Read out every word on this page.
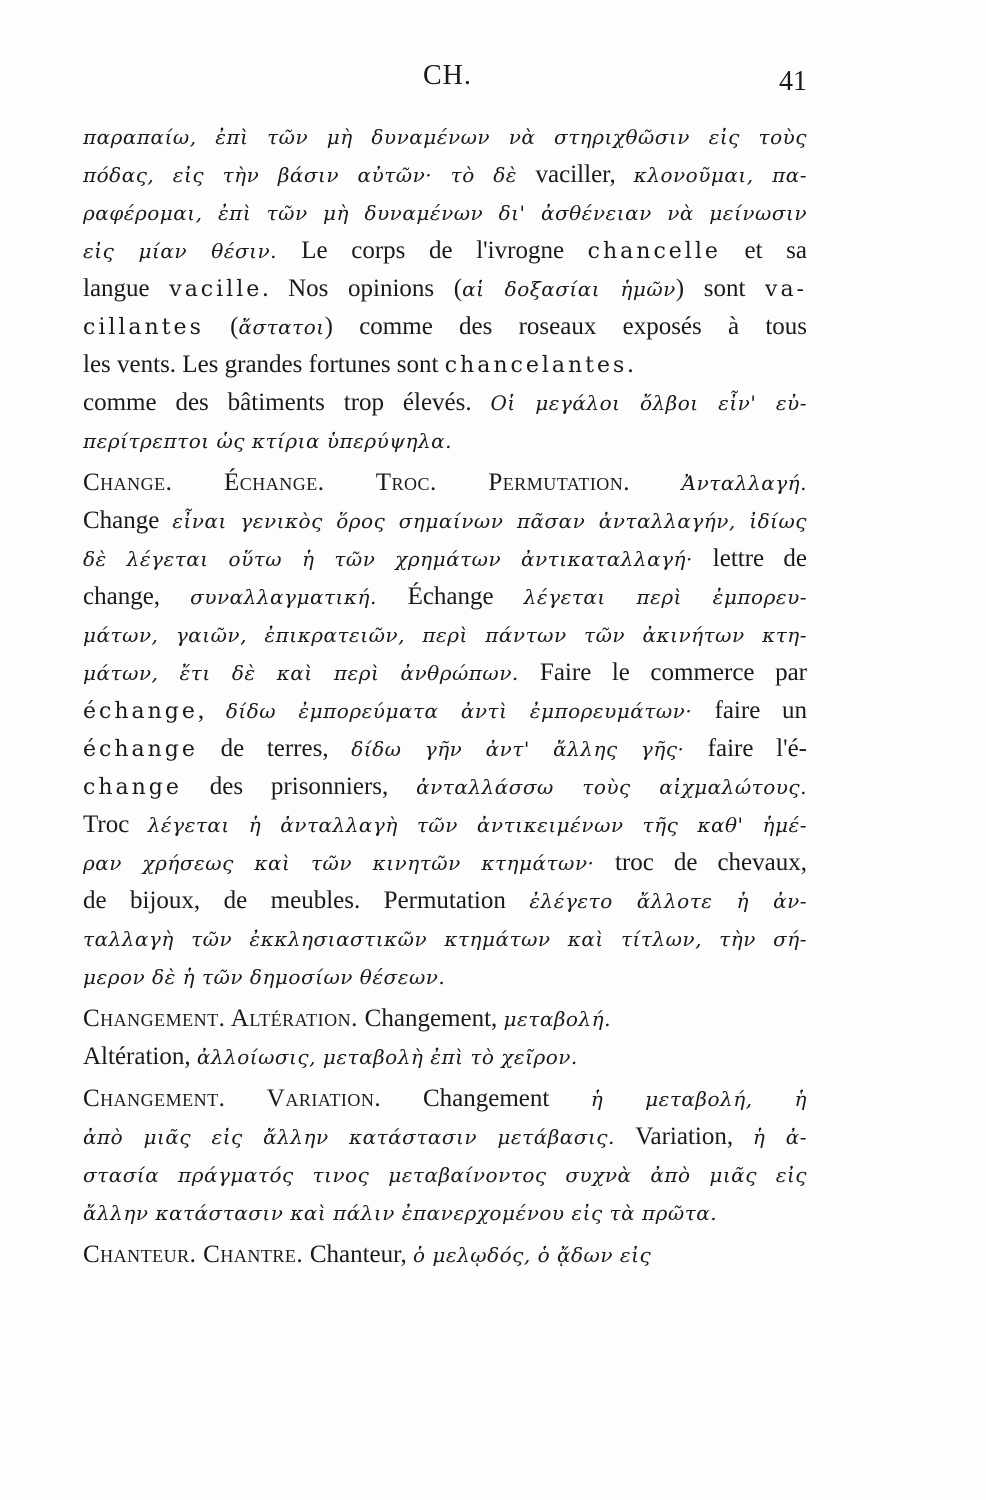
CH.	41
παραπαίω, ἐπὶ τῶν μὴ δυναμένων νὰ στηριχθῶσιν εἰς τοὺς
πόδας, εἰς τὴν βάσιν αὐτῶν· τὸ δὲ vaciller, κλονοῦμαι, πα-
ραφέρομαι, ἐπὶ τῶν μὴ δυναμένων δι' ἀσθένειαν νὰ μείνωσιν
εἰς μίαν θέσιν. Le corps de l'ivrogne chancelle et sa
langue vacille. Nos opinions (αἱ δοξασίαι ἡμῶν) sont va-
cillantes (ἄστατοι) comme des roseaux exposés à tous
les vents. Les grandes fortunes sont chancelantes.
comme des bâtiments trop élevés. Οἱ μεγάλοι ὄλβοι εἶν' εὐ-
περίτρεπτοι ὡς κτίρια ὑπερύψηλα.
Change. Échange. Troc. Permutation. Ἀνταλλαγή.
Change εἶναι γενικὸς ὅρος σημαίνων πᾶσαν ἀνταλλαγήν, ἰδίως
δὲ λέγεται οὕτω ἡ τῶν χρημάτων ἀντικαταλλαγή· lettre de
change, συναλλαγματική. Échange λέγεται περὶ ἐμπορευ-
μάτων, γαιῶν, ἐπικρατειῶν, περὶ πάντων τῶν ἀκινήτων κτη-
μάτων, ἔτι δὲ καὶ περὶ ἀνθρώπων. Faire le commerce par
échange, δίδω ἐμπορεύματα ἀντὶ ἐμπορευμάτων· faire un
échange de terres, δίδω γῆν ἀντ' ἄλλης γῆς· faire l'é-
change des prisonniers, ἀνταλλάσσω τοὺς αἰχμαλώτους.
Troc λέγεται ἡ ἀνταλλαγὴ τῶν ἀντικειμένων τῆς καθ' ἡμέ-
ραν χρήσεως καὶ τῶν κινητῶν κτημάτων· troc de chevaux,
de bijoux, de meubles. Permutation ἐλέγετο ἄλλοτε ἡ ἀν-
ταλλαγὴ τῶν ἐκκλησιαστικῶν κτημάτων καὶ τίτλων, τὴν σή-
μερον δὲ ἡ τῶν δημοσίων θέσεων.
Changement. Altération. Changement, μεταβολή.
Altération, ἀλλοίωσις, μεταβολὴ ἐπὶ τὸ χεῖρον.
Changement. Variation. Changement ἡ μεταβολή, ἡ
ἀπὸ μιᾶς εἰς ἄλλην κατάστασιν μετάβασις. Variation, ἡ ἀ-
στασία πράγματός τινος μεταβαίνοντος συχνὰ ἀπὸ μιᾶς εἰς
ἄλλην κατάστασιν καὶ πάλιν ἐπανερχομένου εἰς τὰ πρῶτα.
Chanteur. Chantre. Chanteur, ὁ μελῳδός, ὁ ᾄδων εἰς
